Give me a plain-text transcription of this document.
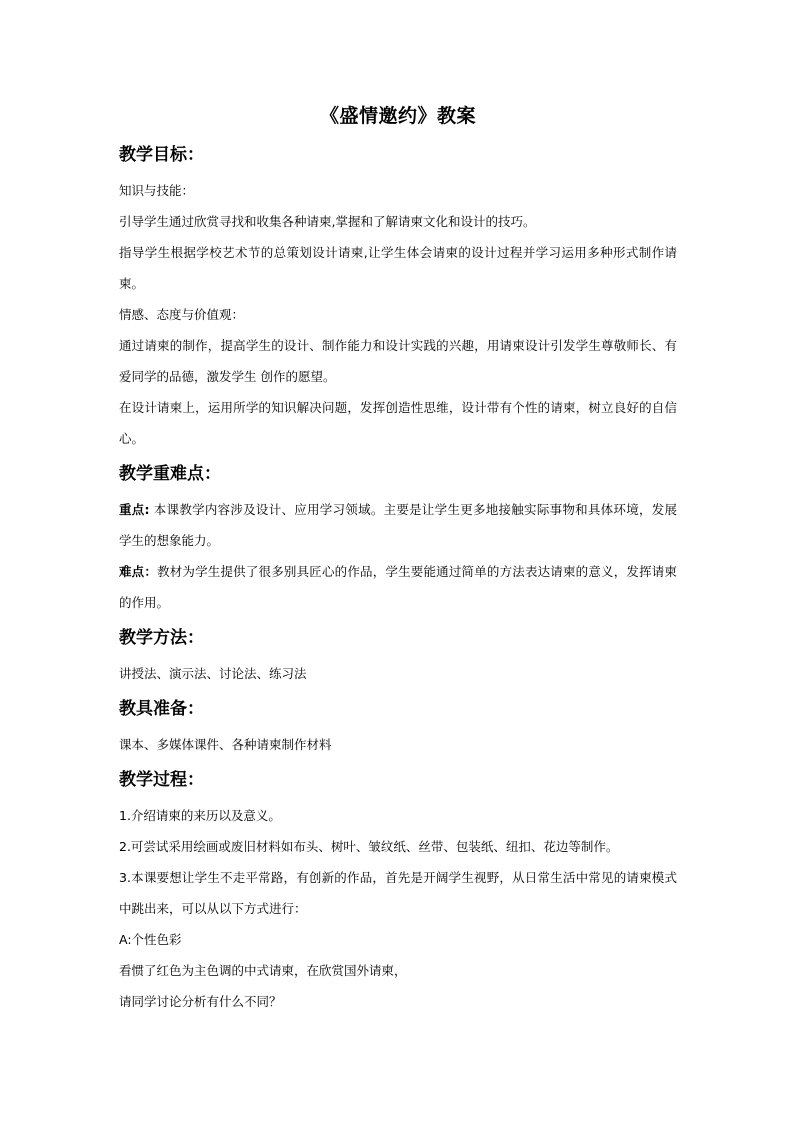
《盛情邀约》教案
教学目标：

知识与技能：

引导学生通过欣赏寻找和收集各种请柬,掌握和了解请柬文化和设计的技巧。

指导学生根据学校艺术节的总策划设计请柬,让学生体会请柬的设计过程并学习运用多种形式制作请柬。

情感、态度与价值观：

通过请柬的制作，提高学生的设计、制作能力和设计实践的兴趣，用请柬设计引发学生尊敬师长、有爱同学的品德，激发学生 创作的愿望。

在设计请柬上，运用所学的知识解决问题，发挥创造性思维，设计带有个性的请柬，树立良好的自信心。

教学重难点：

重点: 本课教学内容涉及设计、应用学习领域。主要是让学生更多地接触实际事物和具体环境，发展学生的想象能力。

难点：教材为学生提供了很多别具匠心的作品，学生要能通过简单的方法表达请柬的意义，发挥请柬的作用。

教学方法：

讲授法、演示法、讨论法、练习法

教具准备：

课本、多媒体课件、各种请柬制作材料

教学过程：

1.介绍请柬的来历以及意义。

2.可尝试采用绘画或废旧材料如布头、树叶、皱纹纸、丝带、包装纸、纽扣、花边等制作。

3.本课要想让学生不走平常路，有创新的作品，首先是开阔学生视野，从日常生活中常见的请柬模式中跳出来，可以从以下方式进行：

A:个性色彩

看惯了红色为主色调的中式请柬，在欣赏国外请柬，

请同学讨论分析有什么不同？
